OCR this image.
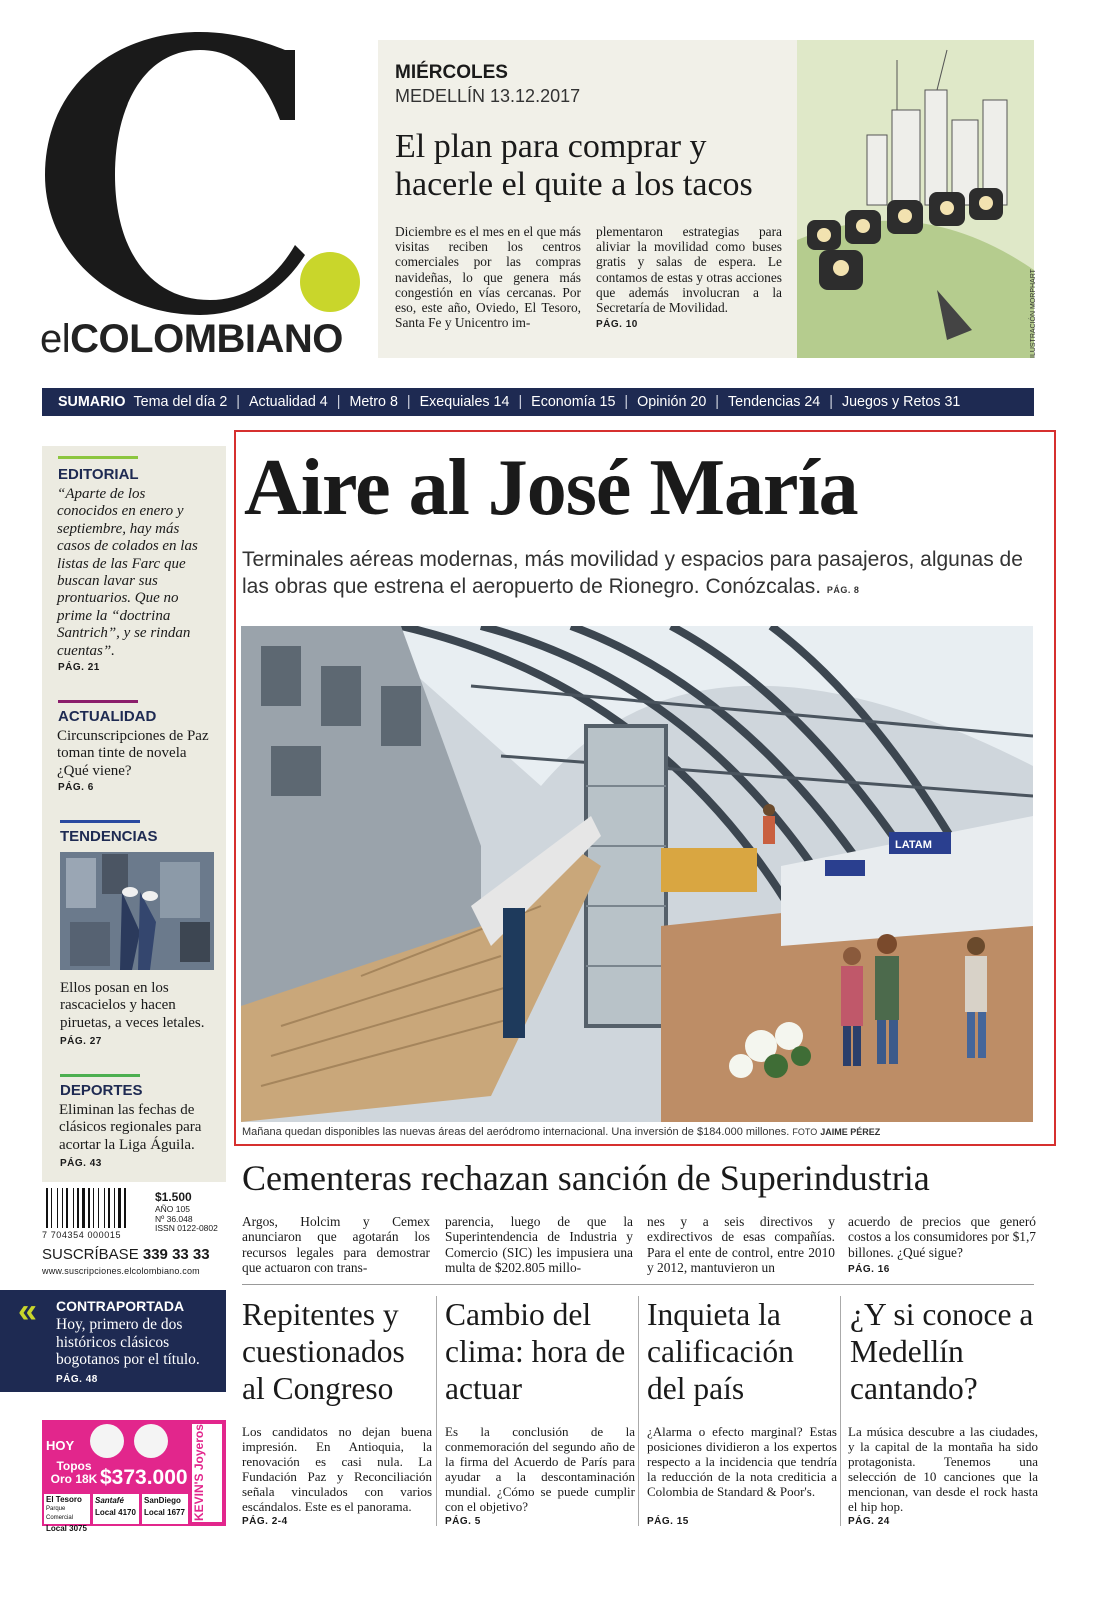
elCOLOMBIANO
MIÉRCOLES
MEDELLÍN 13.12.2017
El plan para comprar y hacerle el quite a los tacos
Diciembre es el mes en el que más visitas reciben los centros comerciales por las compras navideñas, lo que genera más congestión en vías cercanas. Por eso, este año, Oviedo, El Tesoro, Santa Fe y Unicentro im-
plementaron estrategias para aliviar la movilidad como buses gratis y salas de espera. Le contamos de estas y otras acciones que además involucran a la Secretaría de Movilidad.
PÁG. 10	ILUSTRACIÓN MORPHART
SUMARIO Tema del día 2 | Actualidad 4 | Metro 8 | Exequiales 14 | Economía 15 | Opinión 20 | Tendencias 24 | Juegos y Retos 31
EDITORIAL
“Aparte de los conocidos en enero y septiembre, hay más casos de colados en las listas de las Farc que buscan lavar sus prontuarios. Que no prime la “doctrina Santrich”, y se rindan cuentas”.
PÁG. 21
ACTUALIDAD
Circunscripciones de Paz toman tinte de novela ¿Qué viene?
PÁG. 6
TENDENCIAS
Ellos posan en los rascacielos y hacen piruetas, a veces letales.
PÁG. 27
DEPORTES
Eliminan las fechas de clásicos regionales para acortar la Liga Águila.
PÁG. 43
7 704354 000015
$1.500
AÑO 105
Nº 36.048
ISSN 0122-0802
SUSCRÍBASE 339 33 33
www.suscripciones.elcolombiano.com
« CONTRAPORTADA
Hoy, primero de dos históricos clásicos bogotanos por el título.
PÁG. 48
HOY
Topos Oro 18K $373.000 KEVIN'S Joyeros
El Tesoro
Parque Comercial
Local 3075
Santafé
Local 4170
SanDiego
Local 1677
Aire al José María
Terminales aéreas modernas, más movilidad y espacios para pasajeros, algunas de las obras que estrena el aeropuerto de Rionegro. Conózcalas. PÁG. 8
LATAM
Mañana quedan disponibles las nuevas áreas del aeródromo internacional. Una inversión de $184.000 millones. FOTO JAIME PÉREZ
Cementeras rechazan sanción de Superindustria
Argos, Holcim y Cemex anunciaron que agotarán los recursos legales para demostrar que actuaron con trans-
parencia, luego de que la Superintendencia de Industria y Comercio (SIC) les impusiera una multa de $202.805 millo-
nes y a seis directivos y exdirectivos de esas compañías. Para el ente de control, entre 2010 y 2012, mantuvieron un
acuerdo de precios que generó costos a los consumidores por $1,7 billones. ¿Qué sigue?
PÁG. 16
Repitentes y cuestionados al Congreso
Los candidatos no dejan buena impresión. En Antioquia, la renovación es casi nula. La Fundación Paz y Reconciliación señala vinculados con varios escándalos. Este es el panorama.
PÁG. 2-4
Cambio del clima: hora de actuar
Es la conclusión de la conmemoración del segundo año de la firma del Acuerdo de París para ayudar a la descontaminación mundial. ¿Cómo se puede cumplir con el objetivo?
PÁG. 5
Inquieta la calificación del país
¿Alarma o efecto marginal? Estas posiciones dividieron a los expertos respecto a la incidencia que tendría la reducción de la nota crediticia a Colombia de Standard & Poor's.
PÁG. 15
¿Y si conoce a Medellín cantando?
La música descubre a las ciudades, y la capital de la montaña ha sido protagonista. Tenemos una selección de 10 canciones que la mencionan, van desde el rock hasta el hip hop.
PÁG. 24
